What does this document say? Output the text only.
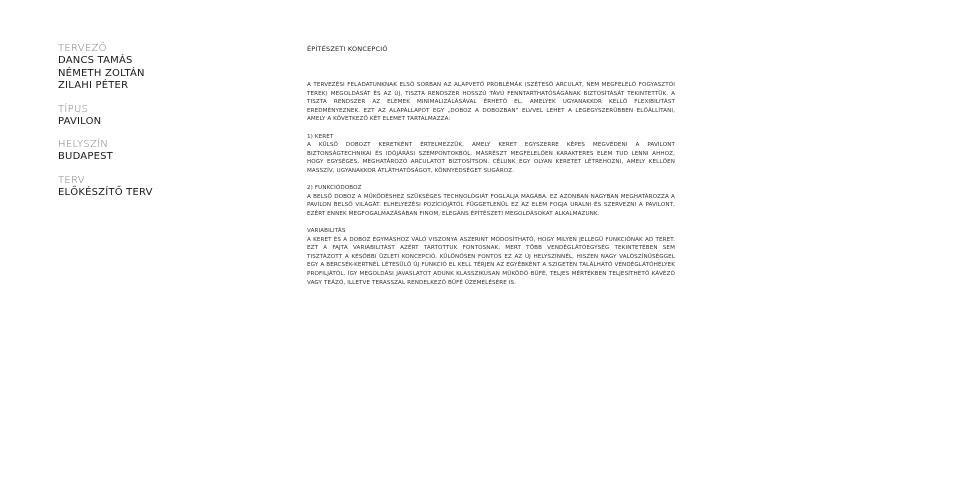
TERVEZŐ
DANCS TAMÁS
NÉMETH ZOLTÁN
ZILAHI PÉTER
TÍPUS
PAVILON
HELYSZÍN
BUDAPEST
TERV
ELŐKÉSZÍTŐ TERV
ÉPÍTÉSZETI KONCEPCIÓ

A TERVEZÉSI FELADATUNKNAK ELSŐ SORBAN AZ ALAPVETŐ PROBLÉMÁK (SZÉTESŐ ARCULAT, NEM MEGFELELŐ FOGYASZTÓI TEREK) MEGOLDÁSÁT ÉS AZ ÚJ, TISZTA RENDSZER HOSSZÚ TÁVÚ FENNTARTHATÓSÁGÁNAK BIZTOSÍTÁSÁT TEKINTETTÜK. A TISZTA RENDSZER AZ ELEMEK MINIMALIZÁLÁSÁVAL ÉRHETŐ EL, AMELYEK UGYANAKKOR KELLŐ FLEXIBILITÁST EREDMÉNYEZNEK. EZT AZ ALAPÁLLAPOT EGY „DOBOZ A DOBOZBAN” ELVVEL LEHET A LEGEGYSZERŰBBEN ELŐÁLLÍTANI, AMELY A KÖVETKEZŐ KÉT ELEMET TARTALMAZZA:

1) KERET

A KÜLSŐ DOBOZT KERETKÉNT ÉRTELMEZZÜK, AMELY KERET EGYSZERRE KÉPES MEGVÉDENI A PAVILONT BIZTONSÁGTECHNIKAI ÉS IDŐJÁRÁSI SZEMPONTOKBÓL. MÁSRÉSZT MEGFELELŐEN KARAKTERES ELEM TUD LENNI AHHOZ, HOGY EGYSÉGES, MEGHATÁROZÓ ARCULATOT BIZTOSÍTSON. CÉLUNK EGY OLYAN KERETET LÉTREHOZNI, AMELY KELLŐEN MASSZÍV, UGYANAKKOR ÁTLÁTHATÓSÁGOT, KÖNNYEDSÉGET SUGÁROZ.

2) FUNKCIÓDOBOZ

A BELSŐ DOBOZ A MŰKÖDÉSHEZ SZÜKSÉGES TECHNOLÓGIÁT FOGLALJA MAGÁBA. EZ AZONBAN NAGYBAN MEGHATÁROZZA A PAVILON BELSŐ VILÁGÁT. ELHELYEZÉSI POZÍCIÓJÁTÓL FÜGGETLENÜL EZ AZ ELEM FOGJA URALNI ÉS SZERVEZNI A PAVILONT, EZÉRT ENNEK MEGFOGALMAZÁSÁBAN FINOM, ELEGÁNS ÉPÍTÉSZETI MEGOLDÁSOKAT ALKALMAZUNK.

VARIABILITÁS

A KERET ÉS A DOBOZ EGYMÁSHOZ VALÓ VISZONYA ASZERINT MÓDOSÍTHATÓ, HOGY MILYEN JELLEGŰ FUNKCIÓNAK AD TERET. EZT A FAJTA VARIABILITÁST AZÉRT TARTOTTUK FONTOSNAK, MERT TÖBB VENDÉGLÁTÓEGYSÉG TEKINTETÉBEN SEM TISZTÁZOTT A KÉSŐBBI ÜZLETI KONCEPCIÓ. KÜLÖNÖSEN FONTOS EZ AZ ÚJ HELYSZÍNNÉL, HISZEN NAGY VALÓSZÍNŰSÉGGEL EGY A BERCSÉK-KERTNÉL LÉTESÜLŐ ÚJ FUNKCIÓ EL KELL TÉRJEN AZ EGYÉBKÉNT A SZIGETEN TALÁLHATÓ VENDÉGLÁTÓHELYEK PROFILJÁTÓL. ÍGY MEGOLDÁSI JAVASLATOT ADUNK KLASSZIKUSAN MŰKÖDŐ BÜFÉ, TELJES MÉRTÉKBEN TELJESÍTHETŐ KÁVÉZÓ VAGY TEÁZÓ, ILLETVE TERASSZAL RENDELKEZŐ BÜFÉ ÜZEMELÉSÉRE IS.
